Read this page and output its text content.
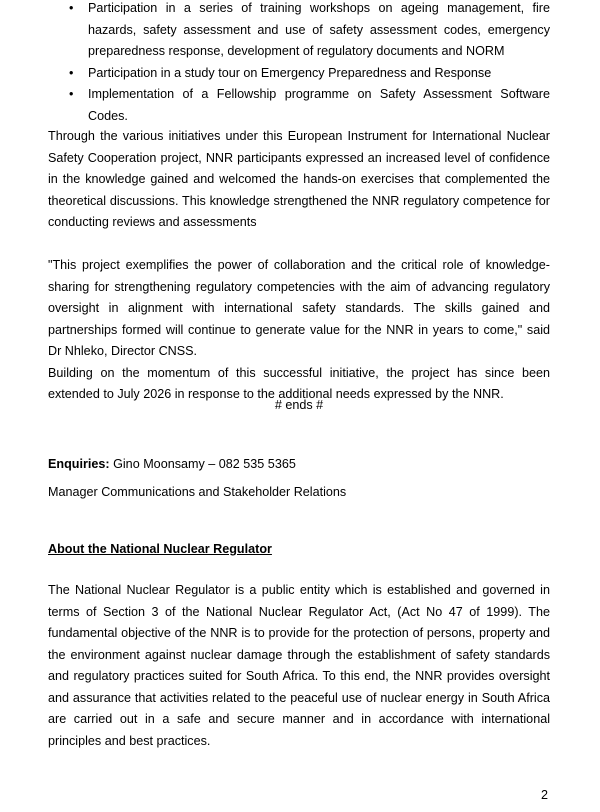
• Participation in a series of training workshops on ageing management, fire hazards, safety assessment and use of safety assessment codes, emergency preparedness response, development of regulatory documents and NORM
• Participation in a study tour on Emergency Preparedness and Response
• Implementation of a Fellowship programme on Safety Assessment Software Codes.

Through the various initiatives under this European Instrument for International Nuclear Safety Cooperation project, NNR participants expressed an increased level of confidence in the knowledge gained and welcomed the hands-on exercises that complemented the theoretical discussions. This knowledge strengthened the NNR regulatory competence for conducting reviews and assessments

"This project exemplifies the power of collaboration and the critical role of knowledge-sharing for strengthening regulatory competencies with the aim of advancing regulatory oversight in alignment with international safety standards. The skills gained and partnerships formed will continue to generate value for the NNR in years to come," said Dr Nhleko, Director CNSS.

Building on the momentum of this successful initiative, the project has since been extended to July 2026 in response to the additional needs expressed by the NNR.

# ends #
Enquiries: Gino Moonsamy – 082 535 5365
Manager Communications and Stakeholder Relations
About the National Nuclear Regulator

The National Nuclear Regulator is a public entity which is established and governed in terms of Section 3 of the National Nuclear Regulator Act, (Act No 47 of 1999). The fundamental objective of the NNR is to provide for the protection of persons, property and the environment against nuclear damage through the establishment of safety standards and regulatory practices suited for South Africa. To this end, the NNR provides oversight and assurance that activities related to the peaceful use of nuclear energy in South Africa are carried out in a safe and secure manner and in accordance with international principles and best practices.

2
